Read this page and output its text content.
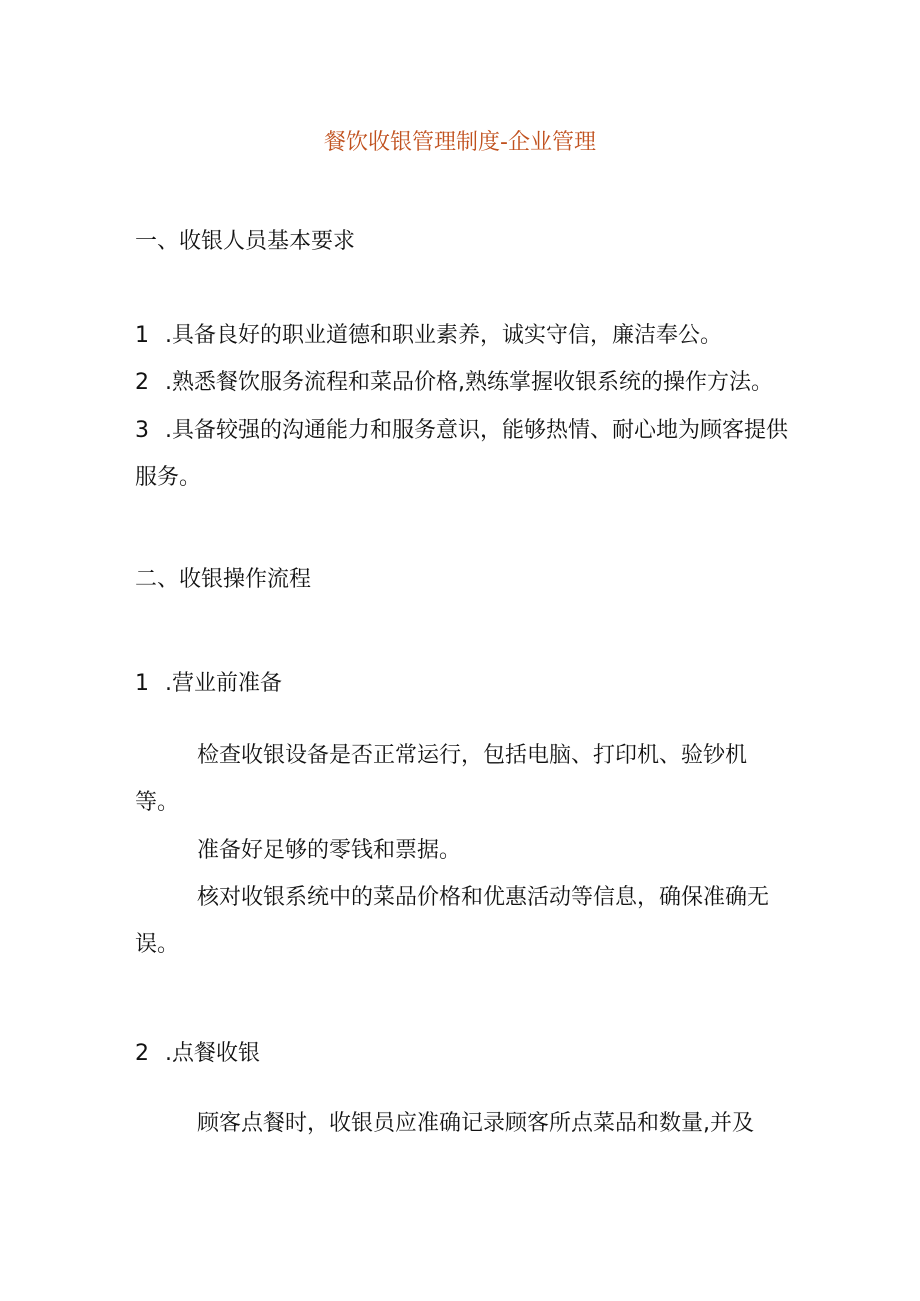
餐饮收银管理制度-企业管理
一、收银人员基本要求
1 .具备良好的职业道德和职业素养，诚实守信，廉洁奉公。
2 .熟悉餐饮服务流程和菜品价格,熟练掌握收银系统的操作方法。
3 .具备较强的沟通能力和服务意识，能够热情、耐心地为顾客提供服务。
二、收银操作流程
1 .营业前准备
检查收银设备是否正常运行，包括电脑、打印机、验钞机等。
准备好足够的零钱和票据。
核对收银系统中的菜品价格和优惠活动等信息，确保准确无误。
2 .点餐收银
顾客点餐时，收银员应准确记录顾客所点菜品和数量,并及
